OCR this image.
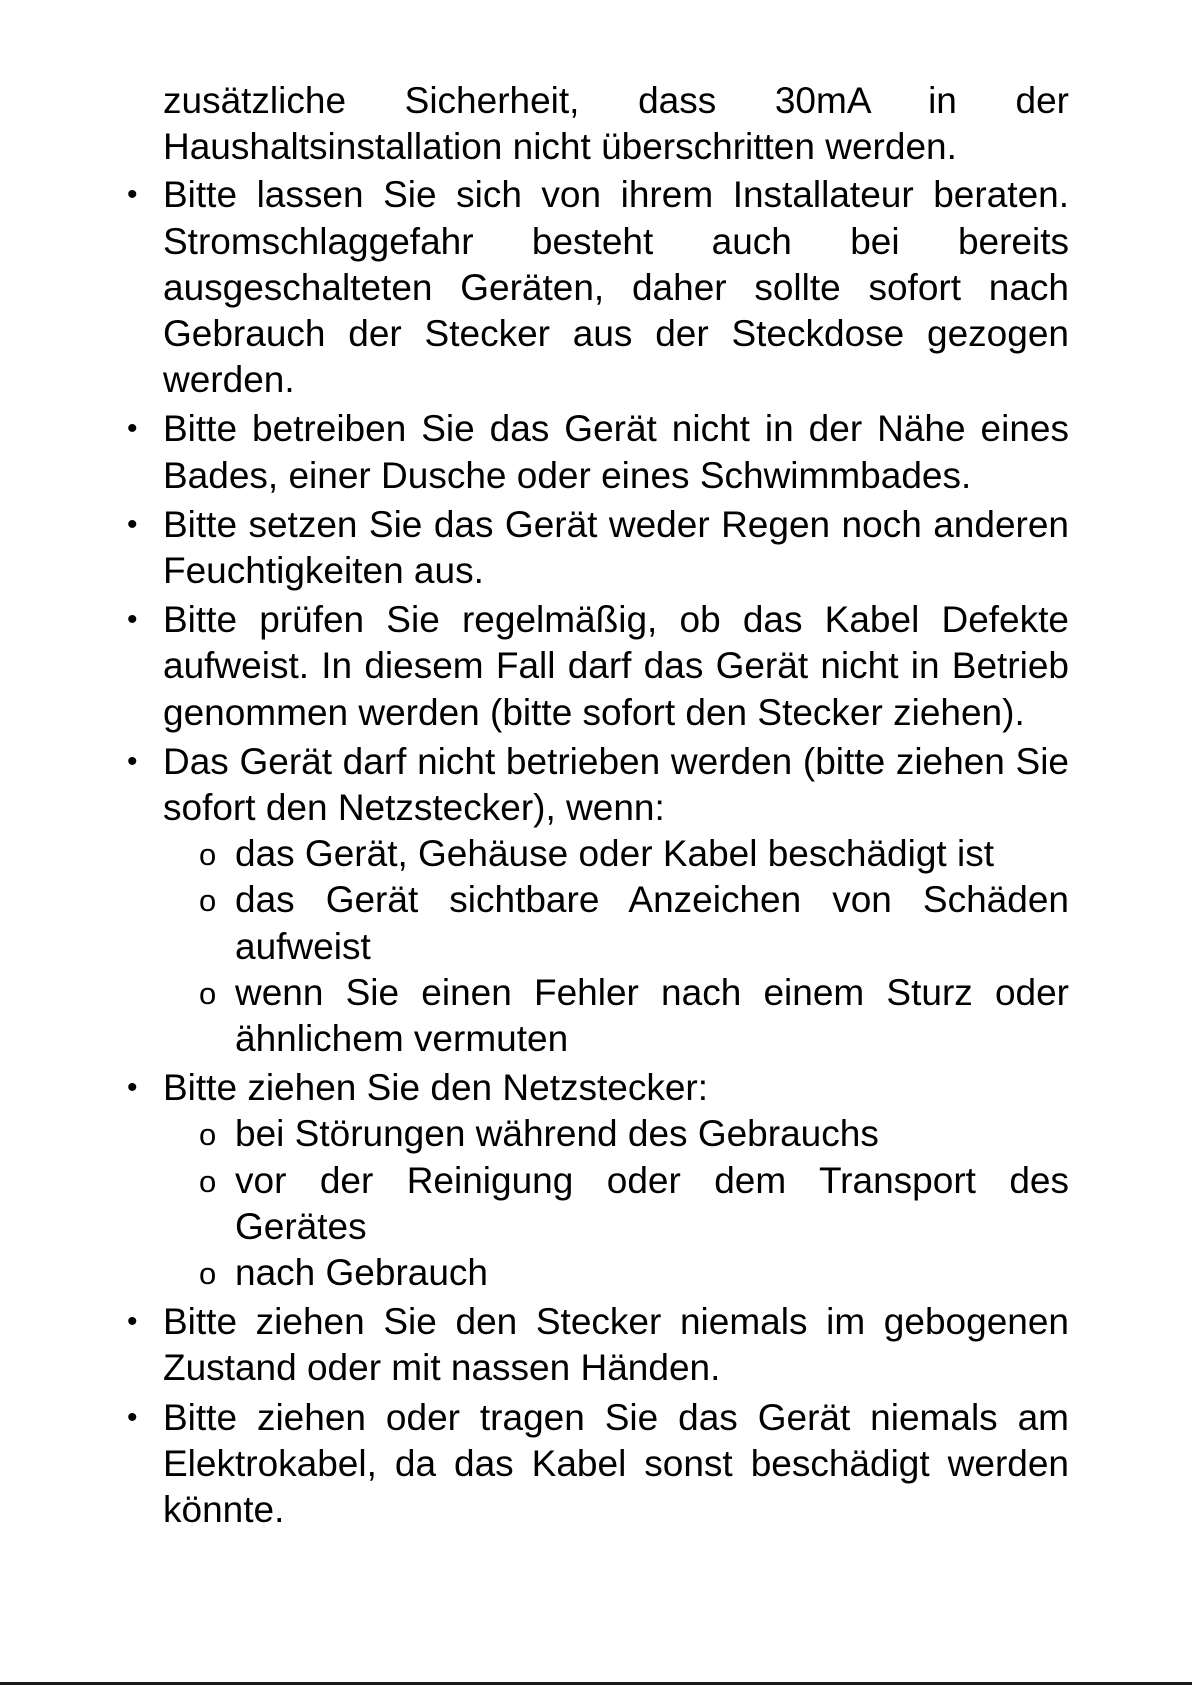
zusätzliche Sicherheit, dass 30mA in der Haushaltsinstallation nicht überschritten werden.

• Bitte lassen Sie sich von ihrem Installateur beraten. Stromschlaggefahr besteht auch bei bereits ausgeschalteten Geräten, daher sollte sofort nach Gebrauch der Stecker aus der Steckdose gezogen werden.
• Bitte betreiben Sie das Gerät nicht in der Nähe eines Bades, einer Dusche oder eines Schwimmbades.
• Bitte setzen Sie das Gerät weder Regen noch anderen Feuchtigkeiten aus.
• Bitte prüfen Sie regelmäßig, ob das Kabel Defekte aufweist. In diesem Fall darf das Gerät nicht in Betrieb genommen werden (bitte sofort den Stecker ziehen).
• Das Gerät darf nicht betrieben werden (bitte ziehen Sie sofort den Netzstecker), wenn:
o das Gerät, Gehäuse oder Kabel beschädigt ist
o das Gerät sichtbare Anzeichen von Schäden aufweist
o wenn Sie einen Fehler nach einem Sturz oder ähnlichem vermuten
• Bitte ziehen Sie den Netzstecker:
o bei Störungen während des Gebrauchs
o vor der Reinigung oder dem Transport des Gerätes
o nach Gebrauch
• Bitte ziehen Sie den Stecker niemals im gebogenen Zustand oder mit nassen Händen.
• Bitte ziehen oder tragen Sie das Gerät niemals am Elektrokabel, da das Kabel sonst beschädigt werden könnte.
